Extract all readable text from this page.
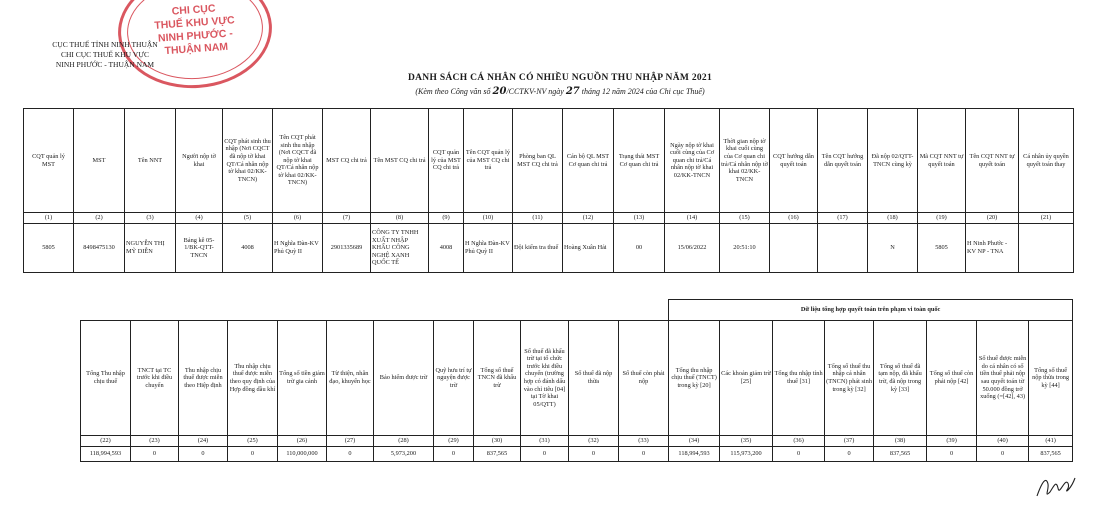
CHI CỤC
THUẾ KHU VỰC
NINH PHƯỚC -
THUẬN NAM
CỤC THUẾ TỈNH NINH THUẬN
CHI CỤC THUẾ KHU VỰC
NINH PHƯỚC - THUẬN NAM
DANH SÁCH CÁ NHÂN CÓ NHIỀU NGUỒN THU NHẬP NĂM 2021
(Kèm theo Công văn số 20/CCTKV-NV ngày 27 tháng 12 năm 2024 của Chi cục Thuế)
CQT quản lý MST	MST	Tên NNT	Người nộp tờ khai	CQT phát sinh thu nhập (Nơi CQCT đã nộp tờ khai QT/Cá nhân nộp tờ khai 02/KK-TNCN)	Tên CQT phát sinh thu nhập (Nơi CQCT đã nộp tờ khai QT/Cá nhân nộp tờ khai 02/KK-TNCN)	MST CQ chi trả	Tên MST CQ chi trả	CQT quản lý của MST CQ chi trả	Tên CQT quản lý của MST CQ chi trả	Phòng ban QL MST CQ chi trả	Cán bộ QL MST Cơ quan chi trả	Trạng thái MST Cơ quan chi trả	Ngày nộp tờ khai cuối cùng của Cơ quan chi trả/Cá nhân nộp tờ khai 02/KK-TNCN	Thời gian nộp tờ khai cuối cùng của Cơ quan chi trả/Cá nhân nộp tờ khai 02/KK-TNCN	CQT hướng dẫn quyết toán	Tên CQT hướng dẫn quyết toán	Đã nộp 02/QTT-TNCN cùng kỳ	Mã CQT NNT tự quyết toán	Tên CQT NNT tự quyết toán	Cá nhân ủy quyền quyết toán thay
(1)	(2)	(3)	(4)	(5)	(6)	(7)	(8)	(9)	(10)	(11)	(12)	(13)	(14)	(15)	(16)	(17)	(18)	(19)	(20)	(21)
5805	8498475130	NGUYỄN THỊ MỸ DIỄN	Bảng kê 05-1/BK-QTT-TNCN	4008	H Nghĩa Đàn-KV Phủ Quỳ II	2901335689	CÔNG TY TNHH XUẤT NHẬP KHẨU CÔNG NGHỆ XANH QUỐC TẾ	4008	H Nghĩa Đàn-KV Phủ Quỳ II	Đội kiểm tra thuế	Hoàng Xuân Hải	00	15/06/2022	20:51:10			N	5805	H Ninh Phước - KV NP - TNA	
												Dữ liệu tổng hợp quyết toán trên phạm vi toàn quốc							
Tổng Thu nhập chịu thuế	TNCT tại TC trước khi điều chuyển	Thu nhập chịu thuế được miễn theo Hiệp định	Thu nhập chịu thuế được miễn theo quy định của Hợp đồng dầu khí	Tổng số tiền giảm trừ gia cảnh	Từ thiện, nhân đạo, khuyến học	Bảo hiểm được trừ	Quỹ hưu trí tự nguyện được trừ	Tổng số thuế TNCN đã khấu trừ	Số thuế đã khấu trừ tại tổ chức trước khi điều chuyển (trường hợp có đánh dấu vào chỉ tiêu [04] tại Tờ khai 05/QTT)	Số thuế đã nộp thừa	Số thuế còn phải nộp	Tổng thu nhập chịu thuế (TNCT) trong kỳ [20]	Các khoản giảm trừ [25]	Tổng thu nhập tính thuế [31]	Tổng số thuế thu nhập cá nhân (TNCN) phát sinh trong kỳ [32]	Tổng số thuế đã tạm nộp, đã khấu trừ, đã nộp trong kỳ [33]	Tổng số thuế còn phải nộp [42]	Số thuế được miễn do cá nhân có số tiền thuế phải nộp sau quyết toán từ 50.000 đồng trở xuống (=[42], 43)	Tổng số thuế nộp thừa trong kỳ [44]
(22)	(23)	(24)	(25)	(26)	(27)	(28)	(29)	(30)	(31)	(32)	(33)	(34)	(35)	(36)	(37)	(38)	(39)	(40)	(41)
118,994,593	0	0	0	110,000,000	0	5,973,200	0	837,565	0	0	0	118,994,593	115,973,200	0	0	837,565	0	0	837,565
